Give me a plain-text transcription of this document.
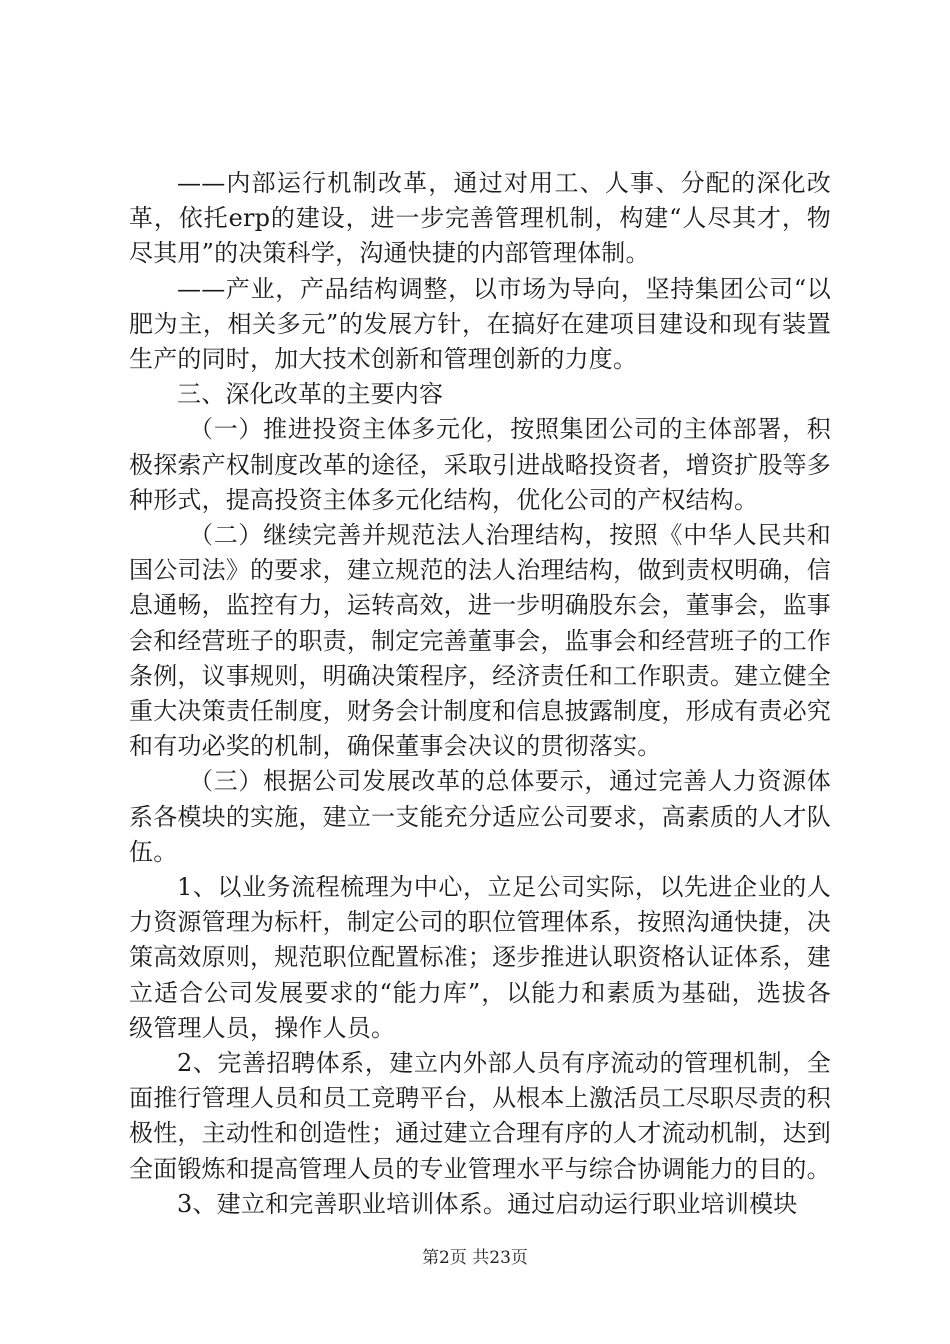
——内部运行机制改革，通过对用工、人事、分配的深化改革，依托erp的建设，进一步完善管理机制，构建“人尽其才，物尽其用”的决策科学，沟通快捷的内部管理体制。

——产业，产品结构调整，以市场为导向，坚持集团公司“以肥为主，相关多元”的发展方针，在搞好在建项目建设和现有装置生产的同时，加大技术创新和管理创新的力度。

三、深化改革的主要内容

（一）推进投资主体多元化，按照集团公司的主体部署，积极探索产权制度改革的途径，采取引进战略投资者，增资扩股等多种形式，提高投资主体多元化结构，优化公司的产权结构。

（二）继续完善并规范法人治理结构，按照《中华人民共和国公司法》的要求，建立规范的法人治理结构，做到责权明确，信息通畅，监控有力，运转高效，进一步明确股东会，董事会，监事会和经营班子的职责，制定完善董事会，监事会和经营班子的工作条例，议事规则，明确决策程序，经济责任和工作职责。建立健全重大决策责任制度，财务会计制度和信息披露制度，形成有责必究和有功必奖的机制，确保董事会决议的贯彻落实。

（三）根据公司发展改革的总体要示，通过完善人力资源体系各模块的实施，建立一支能充分适应公司要求，高素质的人才队伍。

1、以业务流程梳理为中心，立足公司实际，以先进企业的人力资源管理为标杆，制定公司的职位管理体系，按照沟通快捷，决策高效原则，规范职位配置标准；逐步推进认职资格认证体系，建立适合公司发展要求的“能力库”，以能力和素质为基础，选拔各级管理人员，操作人员。

2、完善招聘体系，建立内外部人员有序流动的管理机制，全面推行管理人员和员工竞聘平台，从根本上激活员工尽职尽责的积极性，主动性和创造性；通过建立合理有序的人才流动机制，达到全面锻炼和提高管理人员的专业管理水平与综合协调能力的目的。

3、建立和完善职业培训体系。通过启动运行职业培训模块

第2页 共23页
